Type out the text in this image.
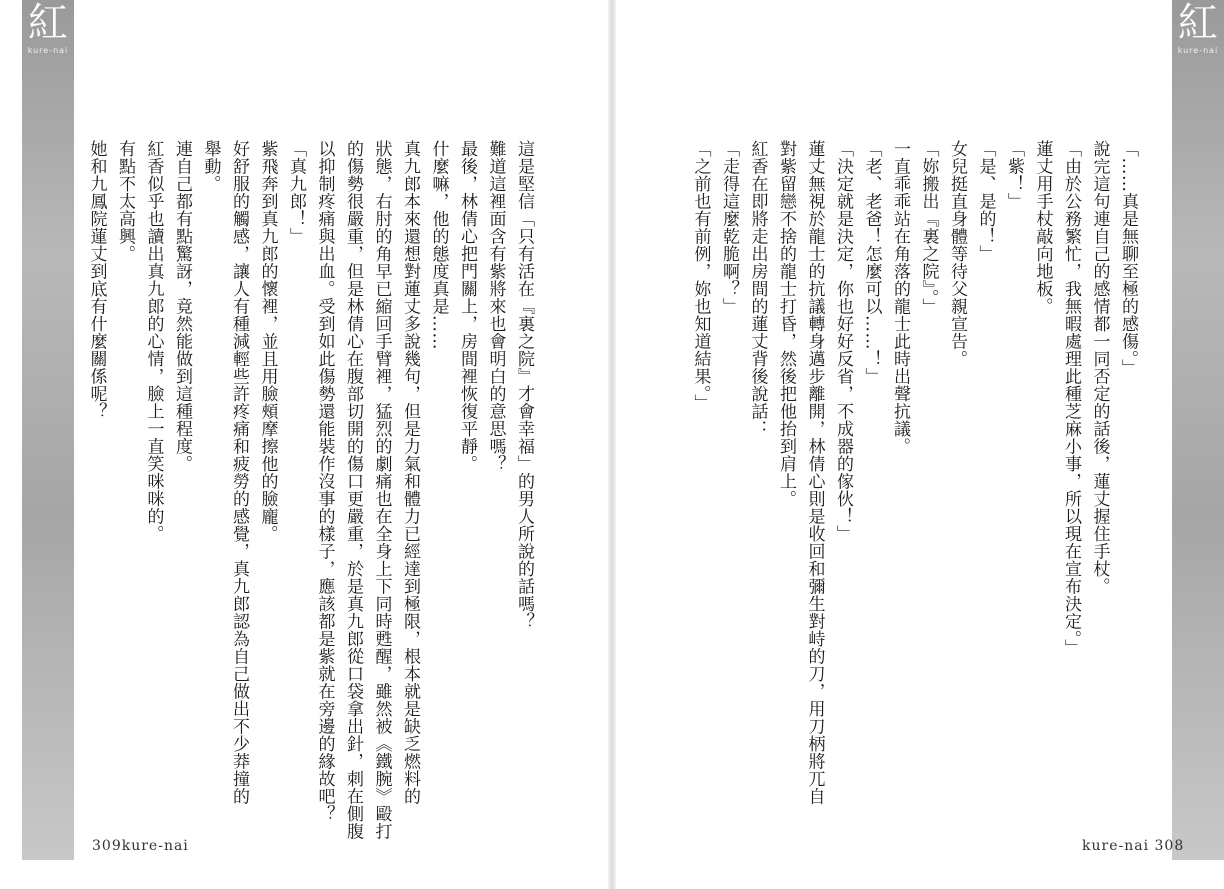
紅
kure-nai
紅
kure-nai

「……真是無聊至極的感傷。」

說完這句連自己的感情都一同否定的話後，蓮丈握住手杖。

「由於公務繁忙，我無暇處理此種芝麻小事，所以現在宣布決定。」

蓮丈用手杖敲向地板。

「紫！」

「是、是的！」

女兒挺直身體等待父親宣告。

「妳搬出『裏之院』。」

一直乖乖站在角落的龍士此時出聲抗議。

「老、老爸！怎麼可以……！」

「決定就是決定，你也好好反省，不成器的傢伙！」

蓮丈無視於龍士的抗議轉身邁步離開，林倩心則是收回和彌生對峙的刀，用刀柄將兀自

對紫留戀不捨的龍士打昏，然後把他抬到肩上。

紅香在即將走出房間的蓮丈背後說話：

「走得這麼乾脆啊？」

「之前也有前例，妳也知道結果。」

這是堅信「只有活在『裏之院』才會幸福」的男人所說的話嗎？

難道這裡面含有紫將來也會明白的意思嗎？

最後，林倩心把門關上，房間裡恢復平靜。

什麼嘛，他的態度真是……

真九郎本來還想對蓮丈多說幾句，但是力氣和體力已經達到極限，根本就是缺乏燃料的

狀態，右肘的角早已縮回手臂裡，猛烈的劇痛也在全身上下同時甦醒，雖然被《鐵腕》毆打

的傷勢很嚴重，但是林倩心在腹部切開的傷口更嚴重，於是真九郎從口袋拿出針，刺在側腹

以抑制疼痛與出血。受到如此傷勢還能裝作沒事的樣子，應該都是紫就在旁邊的緣故吧？

「真九郎！」

紫飛奔到真九郎的懷裡，並且用臉頰摩擦他的臉龐。

好舒服的觸感，讓人有種減輕些許疼痛和疲勞的感覺，真九郎認為自己做出不少莽撞的

舉動。

連自己都有點驚訝，竟然能做到這種程度。

紅香似乎也讀出真九郎的心情，臉上一直笑咪咪的。

有點不太高興。

她和九鳳院蓮丈到底有什麼關係呢？

309kure-nai	kure-nai 308
